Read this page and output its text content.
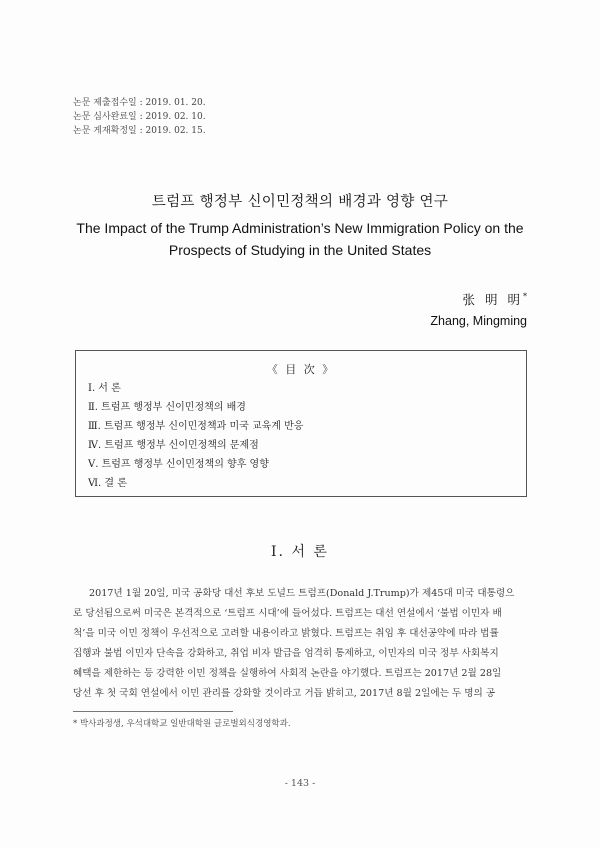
논문 제출접수일 : 2019. 01. 20.
논문 심사완료일 : 2019. 02. 10.
논문 게재확정일 : 2019. 02. 15.
트럼프 행정부 신이민정책의 배경과 영향 연구
The Impact of the Trump Administration’s New Immigration Policy on the
Prospects of Studying in the United States
张 明 明*
Zhang, Mingming
《 目 次 》
Ⅰ. 서 론
Ⅱ. 트럼프 행정부 신이민정책의 배경
Ⅲ. 트럼프 행정부 신이민정책과 미국 교육계 반응
Ⅳ. 트럼프 행정부 신이민정책의 문제점
Ⅴ. 트럼프 행정부 신이민정책의 향후 영향
Ⅵ. 결 론
Ⅰ. 서 론
2017년 1월 20일, 미국 공화당 대선 후보 도널드 트럼프(Donald J.Trump)가 제45대 미국 대통령으
로 당선됨으로써 미국은 본격적으로 ‘트럼프 시대’에 들어섰다. 트럼프는 대선 연설에서 ‘불법 이민자 배
척’을 미국 이민 정책이 우선적으로 고려할 내용이라고 밝혔다. 트럼프는 취임 후 대선공약에 따라 법률
집행과 불법 이민자 단속을 강화하고, 취업 비자 발급을 엄격히 통제하고, 이민자의 미국 정부 사회복지
혜택을 제한하는 등 강력한 이민 정책을 실행하여 사회적 논란을 야기했다. 트럼프는 2017년 2월 28일
당선 후 첫 국회 연설에서 이민 관리를 강화할 것이라고 거듭 밝히고, 2017년 8월 2일에는 두 명의 공
* 박사과정생, 우석대학교 일반대학원 글로벌외식경영학과.
- 143 -
